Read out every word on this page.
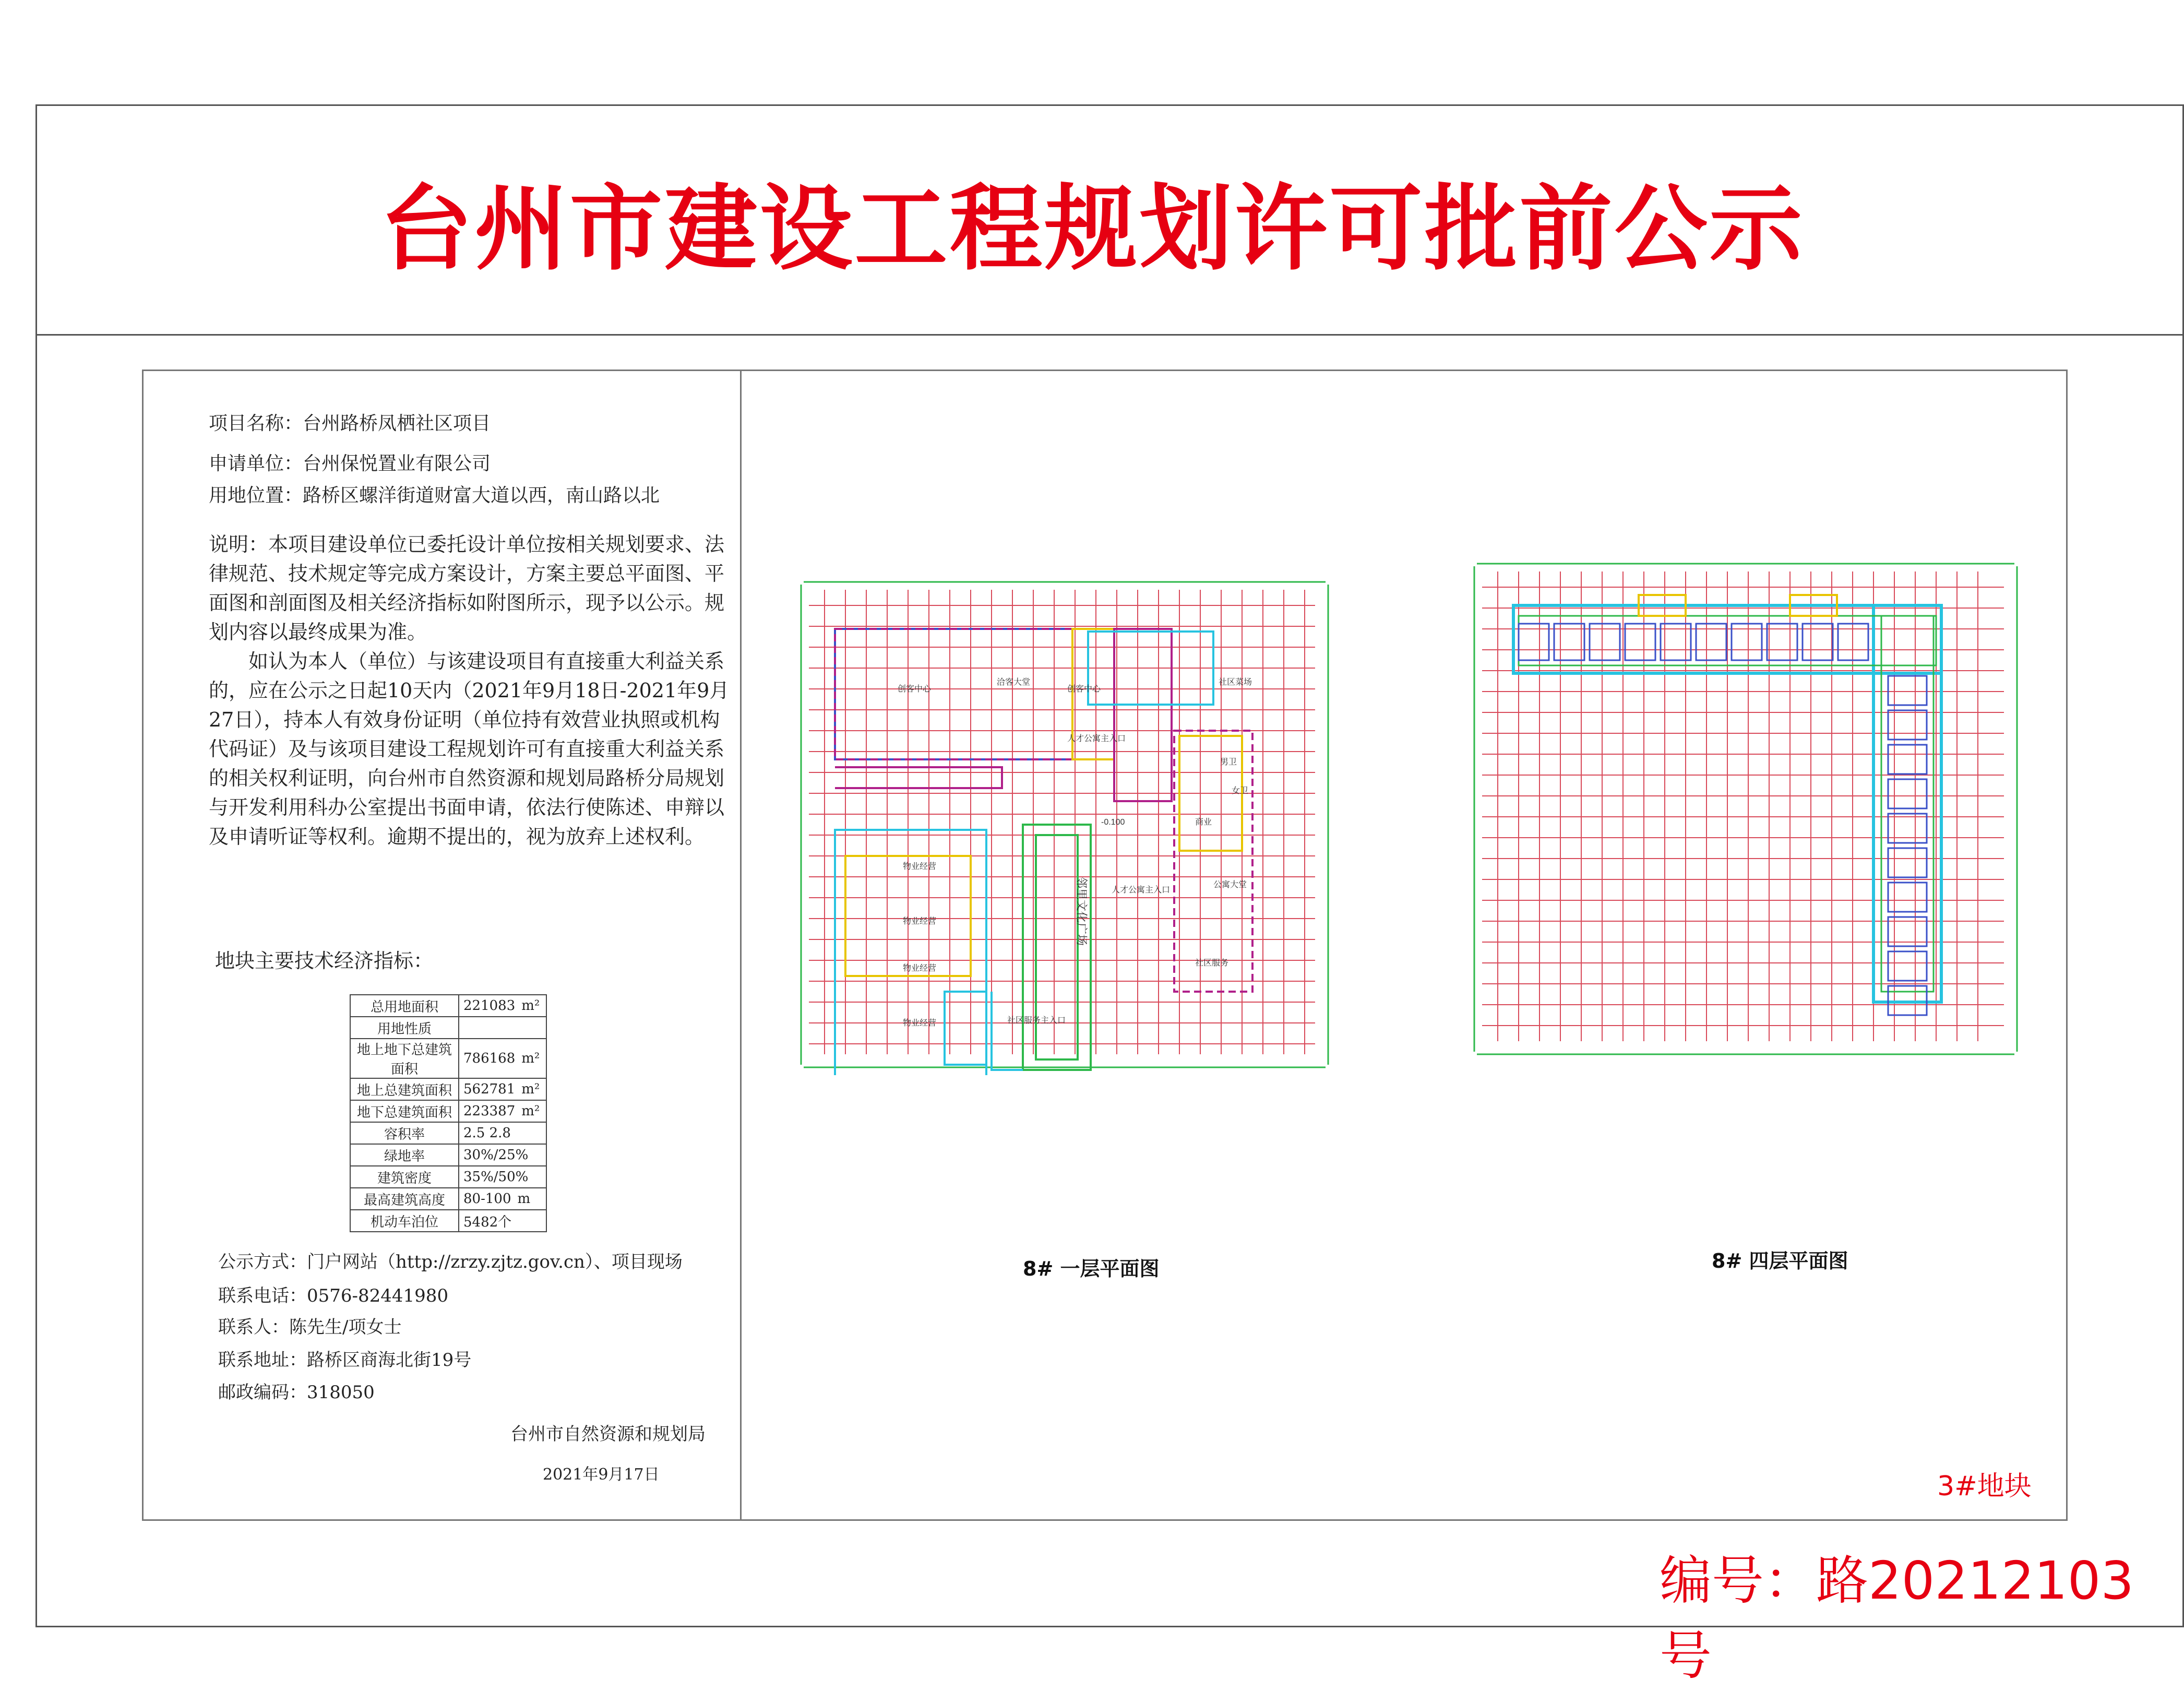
台州市建设工程规划许可批前公示
项目名称：台州路桥凤栖社区项目
申请单位：台州保悦置业有限公司
用地位置：路桥区螺洋街道财富大道以西，南山路以北

说明：本项目建设单位已委托设计单位按相关规划要求、法律规范、技术规定等完成方案设计，方案主要总平面图、平面图和剖面图及相关经济指标如附图所示，现予以公示。规划内容以最终成果为准。

如认为本人（单位）与该建设项目有直接重大利益关系的，应在公示之日起10天内（2021年9月18日-2021年9月27日），持本人有效身份证明（单位持有效营业执照或机构代码证）及与该项目建设工程规划许可有直接重大利益关系的相关权利证明，向台州市自然资源和规划局路桥分局规划与开发利用科办公室提出书面申请，依法行使陈述、申辩以及申请听证等权利。逾期不提出的，视为放弃上述权利。

地块主要技术经济指标：
总用地面积	221083 m²
用地性质	
地上地下总建筑面积	786168 m²
地上总建筑面积	562781 m²
地下总建筑面积	223387 m²
容积率	2.5 2.8
绿地率	30%/25%
建筑密度	35%/50%
最高建筑高度	80-100 m
机动车泊位	5482个
公示方式：门户网站（http://zrzy.zjtz.gov.cn）、项目现场
联系电话：0576-82441980
联系人：陈先生/项女士
联系地址：路桥区商海北街19号
邮政编码：318050
台州市自然资源和规划局
2021年9月17日
创客中心
洽客大堂
创客中心
社区菜场
人才公寓主入口
-0.100
邻里文化广场	人才公寓主入口
公寓大堂
物业经营
物业经营
物业经营
物业经营
社区服务
社区服务主入口
男卫
女卫
商业
8# 一层平面图	8# 四层平面图
3#地块
编号：路20212103号
